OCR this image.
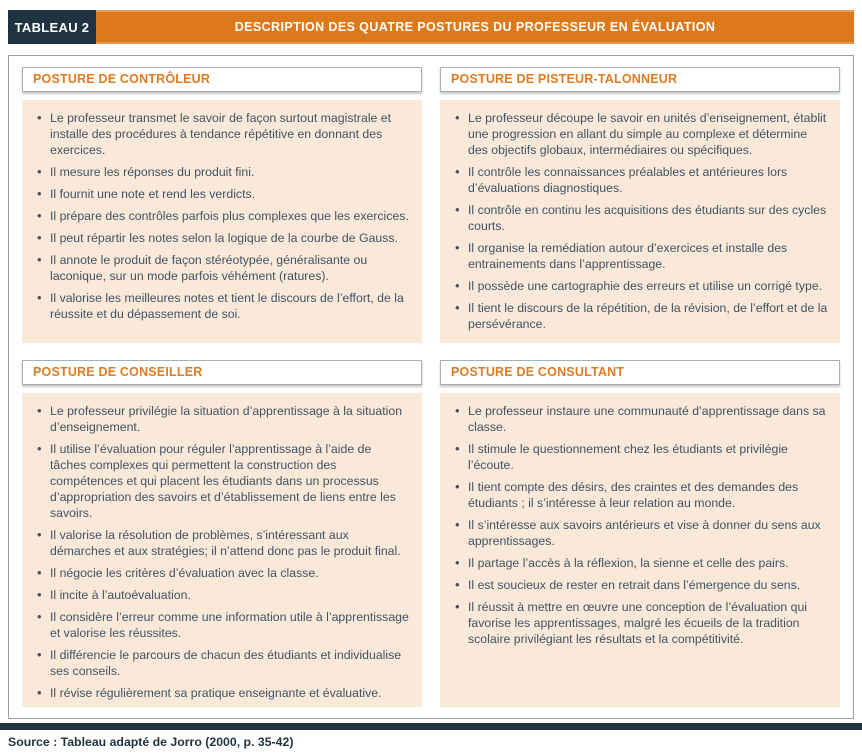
TABLEAU 2	DESCRIPTION DES QUATRE POSTURES DU PROFESSEUR EN ÉVALUATION
POSTURE DE CONTRÔLEUR
• Le professeur transmet le savoir de façon surtout magistrale et installe des procédures à tendance répétitive en donnant des exercices.
• Il mesure les réponses du produit fini.
• Il fournit une note et rend les verdicts.
• Il prépare des contrôles parfois plus complexes que les exercices.
• Il peut répartir les notes selon la logique de la courbe de Gauss.
• Il annote le produit de façon stéréotypée, généralisante ou laconique, sur un mode parfois véhément (ratures).
• Il valorise les meilleures notes et tient le discours de l’effort, de la réussite et du dépassement de soi.
POSTURE DE PISTEUR-TALONNEUR
• Le professeur découpe le savoir en unités d’enseignement, établit une progression en allant du simple au complexe et détermine des objectifs globaux, intermédiaires ou spécifiques.
• Il contrôle les connaissances préalables et antérieures lors d’évaluations diagnostiques.
• Il contrôle en continu les acquisitions des étudiants sur des cycles courts.
• Il organise la remédiation autour d’exercices et installe des entrainements dans l’apprentissage.
• Il possède une cartographie des erreurs et utilise un corrigé type.
• Il tient le discours de la répétition, de la révision, de l’effort et de la persévérance.
POSTURE DE CONSEILLER
• Le professeur privilégie la situation d’apprentissage à la situation d’enseignement.
• Il utilise l’évaluation pour réguler l’apprentissage à l’aide de tâches complexes qui permettent la construction des compétences et qui placent les étudiants dans un processus d’appropriation des savoirs et d’établissement de liens entre les savoirs.
• Il valorise la résolution de problèmes, s’intéressant aux démarches et aux stratégies; il n’attend donc pas le produit final.
• Il négocie les critères d’évaluation avec la classe.
• Il incite à l’autoévaluation.
• Il considère l’erreur comme une information utile à l’apprentissage et valorise les réussites.
• Il différencie le parcours de chacun des étudiants et individualise ses conseils.
• Il révise régulièrement sa pratique enseignante et évaluative.
POSTURE DE CONSULTANT
• Le professeur instaure une communauté d’apprentissage dans sa classe.
• Il stimule le questionnement chez les étudiants et privilégie l’écoute.
• Il tient compte des désirs, des craintes et des demandes des étudiants ; il s’intéresse à leur relation au monde.
• Il s’intéresse aux savoirs antérieurs et vise à donner du sens aux apprentissages.
• Il partage l’accès à la réflexion, la sienne et celle des pairs.
• Il est soucieux de rester en retrait dans l’émergence du sens.
• Il réussit à mettre en œuvre une conception de l’évaluation qui favorise les apprentissages, malgré les écueils de la tradition scolaire privilégiant les résultats et la compétitivité.
Source : Tableau adapté de Jorro (2000, p. 35-42)
